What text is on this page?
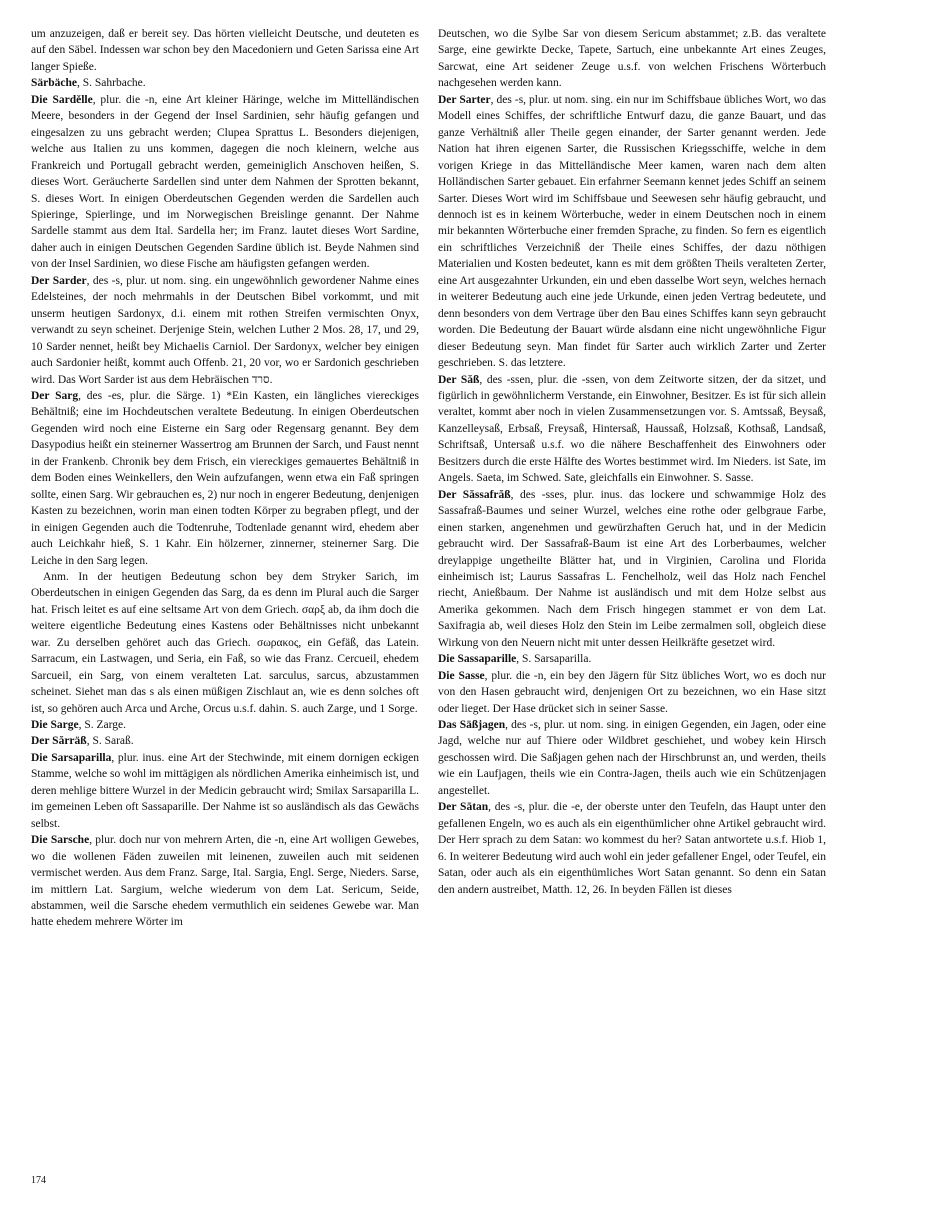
um anzuzeigen, daß er bereit sey. Das hörten vielleicht Deutsche, und deuteten es auf den Säbel. Indessen war schon bey den Macedoniern und Geten Sarissa eine Art langer Spieße.

Särbäche, S. Sahrbache.

Die Sardělle, plur. die -n, eine Art kleiner Häringe, welche im Mittelländischen Meere, besonders in der Gegend der Insel Sardinien, sehr häufig gefangen und eingesalzen zu uns gebracht werden; Clupea Sprattus L. Besonders diejenigen, welche aus Italien zu uns kommen, dagegen die noch kleinern, welche aus Frankreich und Portugall gebracht werden, gemeiniglich Anschoven heißen, S. dieses Wort. Geräucherte Sardellen sind unter dem Nahmen der Sprotten bekannt, S. dieses Wort. In einigen Oberdeutschen Gegenden werden die Sardellen auch Spieringe, Spierlinge, und im Norwegischen Breislinge genannt. Der Nahme Sardelle stammt aus dem Ital. Sardella her; im Franz. lautet dieses Wort Sardine, daher auch in einigen Deutschen Gegenden Sardine üblich ist. Beyde Nahmen sind von der Insel Sardinien, wo diese Fische am häufigsten gefangen werden.

Der Sarder, des -s, plur. ut nom. sing. ein ungewöhnlich gewordener Nahme eines Edelsteines, der noch mehrmahls in der Deutschen Bibel vorkommt, und mit unserm heutigen Sardonyx, d.i. einem mit rothen Streifen vermischten Onyx, verwandt zu seyn scheinet. Derjenige Stein, welchen Luther 2 Mos. 28, 17, und 29, 10 Sarder nennet, heißt bey Michaelis Carniol. Der Sardonyx, welcher bey einigen auch Sardonier heißt, kommt auch Offenb. 21, 20 vor, wo er Sardonich geschrieben wird. Das Wort Sarder ist aus dem Hebräischen סרד.

Der Sarg, des -es, plur. die Särge. 1) *Ein Kasten, ein längliches viereckiges Behältniß; eine im Hochdeutschen veraltete Bedeutung. In einigen Oberdeutschen Gegenden wird noch eine Eisterne ein Sarg oder Regensarg genannt. Bey dem Dasypodius heißt ein steinerner Wassertrog am Brunnen der Sarch, und Faust nennt in der Frankenb. Chronik bey dem Frisch, ein viereckiges gemauertes Behältniß in dem Boden eines Weinkellers, den Wein aufzufangen, wenn etwa ein Faß springen sollte, einen Sarg. Wir gebrauchen es, 2) nur noch in engerer Bedeutung, denjenigen Kasten zu bezeichnen, worin man einen todten Körper zu begraben pflegt, und der in einigen Gegenden auch die Todtenruhe, Todtenlade genannt wird, ehedem aber auch Leichkahr hieß, S. 1 Kahr. Ein hölzerner, zinnerner, steinerner Sarg. Die Leiche in den Sarg legen.

Anm. In der heutigen Bedeutung schon bey dem Stryker Sarich, im Oberdeutschen in einigen Gegenden das Sarg, da es denn im Plural auch die Sarger hat. Frisch leitet es auf eine seltsame Art von dem Griech. σαρξ ab, da ihm doch die weitere eigentliche Bedeutung eines Kastens oder Behältnisses nicht unbekannt war. Zu derselben gehöret auch das Griech. σωρακος, ein Gefäß, das Latein. Sarracum, ein Lastwagen, und Seria, ein Faß, so wie das Franz. Cercueil, ehedem Sarcueil, ein Sarg, von einem veralteten Lat. sarculus, sarcus, abzustammen scheinet. Siehet man das s als einen müßigen Zischlaut an, wie es denn solches oft ist, so gehören auch Arca und Arche, Orcus u.s.f. dahin. S. auch Zarge, und 1 Sorge.

Die Sarge, S. Zarge.

Der Sărräß, S. Saraß.

Die Sarsaparilla, plur. inus. eine Art der Stechwinde, mit einem dornigen eckigen Stamme, welche so wohl im mittägigen als nördlichen Amerika einheimisch ist, und deren mehlige bittere Wurzel in der Medicin gebraucht wird; Smilax Sarsaparilla L. im gemeinen Leben oft Sassaparille. Der Nahme ist so ausländisch als das Gewächs selbst.

Die Sarsche, plur. doch nur von mehrern Arten, die -n, eine Art wolligen Gewebes, wo die wollenen Fäden zuweilen mit leinenen, zuweilen auch mit seidenen vermischet werden. Aus dem Franz. Sarge, Ital. Sargia, Engl. Serge, Nieders. Sarse, im mittlern Lat. Sargium, welche wiederum von dem Lat. Sericum, Seide, abstammen, weil die Sarsche ehedem vermuthlich ein seidenes Gewebe war. Man hatte ehedem mehrere Wörter im

Deutschen, wo die Sylbe Sar von diesem Sericum abstammet; z.B. das veraltete Sarge, eine gewirkte Decke, Tapete, Sartuch, eine unbekannte Art eines Zeuges, Sarcwat, eine Art seidener Zeuge u.s.f. von welchen Frischens Wörterbuch nachgesehen werden kann.

Der Sarter, des -s, plur. ut nom. sing. ein nur im Schiffsbaue übliches Wort, wo das Modell eines Schiffes, der schriftliche Entwurf dazu, die ganze Bauart, und das ganze Verhältniß aller Theile gegen einander, der Sarter genannt werden. Jede Nation hat ihren eigenen Sarter, die Russischen Kriegsschiffe, welche in dem vorigen Kriege in das Mittelländische Meer kamen, waren nach dem alten Holländischen Sarter gebauet. Ein erfahrner Seemann kennet jedes Schiff an seinem Sarter. Dieses Wort wird im Schiffsbaue und Seewesen sehr häufig gebraucht, und dennoch ist es in keinem Wörterbuche, weder in einem Deutschen noch in einem mir bekannten Wörterbuche einer fremden Sprache, zu finden. So fern es eigentlich ein schriftliches Verzeichniß der Theile eines Schiffes, der dazu nöthigen Materialien und Kosten bedeutet, kann es mit dem größten Theils veralteten Zerter, eine Art ausgezahnter Urkunden, ein und eben dasselbe Wort seyn, welches hernach in weiterer Bedeutung auch eine jede Urkunde, einen jeden Vertrag bedeutete, und denn besonders von dem Vertrage über den Bau eines Schiffes kann seyn gebraucht worden. Die Bedeutung der Bauart würde alsdann eine nicht ungewöhnliche Figur dieser Bedeutung seyn. Man findet für Sarter auch wirklich Zarter und Zerter geschrieben. S. das letztere.

Der Săß, des -ssen, plur. die -ssen, von dem Zeitworte sitzen, der da sitzet, und figürlich in gewöhnlicherm Verstande, ein Einwohner, Besitzer. Es ist für sich allein veraltet, kommt aber noch in vielen Zusammensetzungen vor. S. Amtssaß, Beysaß, Kanzelleysaß, Erbsaß, Freysaß, Hintersaß, Haussaß, Holzsaß, Kothsaß, Landsaß, Schriftsaß, Untersaß u.s.f. wo die nähere Beschaffenheit des Einwohners oder Besitzers durch die erste Hälfte des Wortes bestimmet wird. Im Nieders. ist Sate, im Angels. Saeta, im Schwed. Sate, gleichfalls ein Einwohner. S. Sasse.

Der Săssafrăß, des -sses, plur. inus. das lockere und schwammige Holz des Sassafraß-Baumes und seiner Wurzel, welches eine rothe oder gelbgraue Farbe, einen starken, angenehmen und gewürzhaften Geruch hat, und in der Medicin gebraucht wird. Der Sassafraß-Baum ist eine Art des Lorberbaumes, welcher dreylappige ungetheilte Blätter hat, und in Virginien, Carolina und Florida einheimisch ist; Laurus Sassafras L. Fenchelholz, weil das Holz nach Fenchel riecht, Anießbaum. Der Nahme ist ausländisch und mit dem Holze selbst aus Amerika gekommen. Nach dem Frisch hingegen stammet er von dem Lat. Saxifragia ab, weil dieses Holz den Stein im Leibe zermalmen soll, obgleich diese Wirkung von den Neuern nicht mit unter dessen Heilkräfte gesetzet wird.

Die Sassaparille, S. Sarsaparilla.

Die Sasse, plur. die -n, ein bey den Jägern für Sitz übliches Wort, wo es doch nur von den Hasen gebraucht wird, denjenigen Ort zu bezeichnen, wo ein Hase sitzt oder lieget. Der Hase drücket sich in seiner Sasse.

Das Säßjagen, des -s, plur. ut nom. sing. in einigen Gegenden, ein Jagen, oder eine Jagd, welche nur auf Thiere oder Wildbret geschiehet, und wobey kein Hirsch geschossen wird. Die Saßjagen gehen nach der Hirschbrunst an, und werden, theils wie ein Laufjagen, theils wie ein Contra-Jagen, theils auch wie ein Schützenjagen angestellet.

Der Sātan, des -s, plur. die -e, der oberste unter den Teufeln, das Haupt unter den gefallenen Engeln, wo es auch als ein eigenthümlicher ohne Artikel gebraucht wird. Der Herr sprach zu dem Satan: wo kommest du her? Satan antwortete u.s.f. Hiob 1, 6. In weiterer Bedeutung wird auch wohl ein jeder gefallener Engel, oder Teufel, ein Satan, oder auch als ein eigenthümliches Wort Satan genannt. So denn ein Satan den andern austreibet, Matth. 12, 26. In beyden Fällen ist dieses

174
